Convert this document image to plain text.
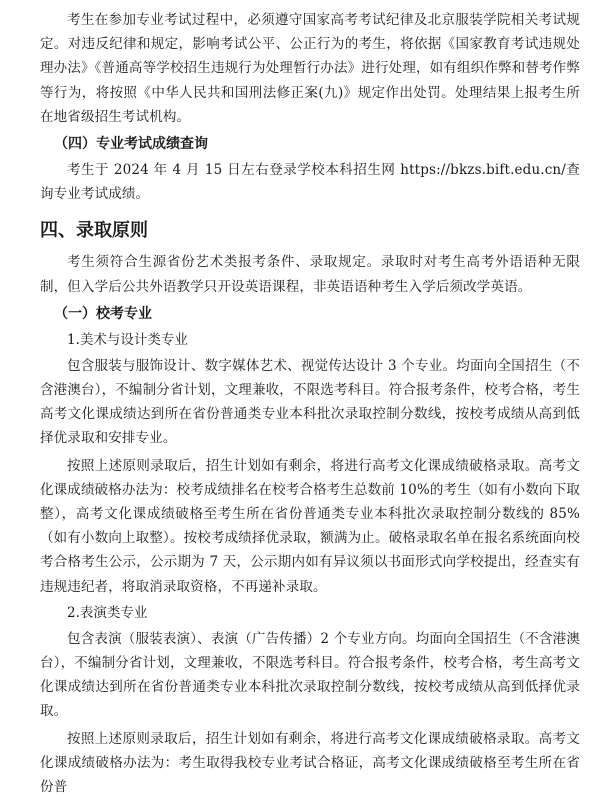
考生在参加专业考试过程中，必须遵守国家高考考试纪律及北京服装学院相关考试规定。对违反纪律和规定，影响考试公平、公正行为的考生，将依据《国家教育考试违规处理办法》《普通高等学校招生违规行为处理暂行办法》进行处理，如有组织作弊和替考作弊等行为，将按照《中华人民共和国刑法修正案(九)》规定作出处罚。处理结果上报考生所在地省级招生考试机构。

（四）专业考试成绩查询

考生于 2024 年 4 月 15 日左右登录学校本科招生网 https://bkzs.bift.edu.cn/查询专业考试成绩。

四、录取原则

考生须符合生源省份艺术类报考条件、录取规定。录取时对考生高考外语语种无限制，但入学后公共外语教学只开设英语课程，非英语语种考生入学后须改学英语。

（一）校考专业
1.美术与设计类专业

包含服装与服饰设计、数字媒体艺术、视觉传达设计 3 个专业。均面向全国招生（不含港澳台），不编制分省计划，文理兼收，不限选考科目。符合报考条件，校考合格，考生高考文化课成绩达到所在省份普通类专业本科批次录取控制分数线，按校考成绩从高到低择优录取和安排专业。

按照上述原则录取后，招生计划如有剩余，将进行高考文化课成绩破格录取。高考文化课成绩破格办法为：校考成绩排名在校考合格考生总数前 10%的考生（如有小数向下取整），高考文化课成绩破格至考生所在省份普通类专业本科批次录取控制分数线的 85%（如有小数向上取整）。按校考成绩择优录取，额满为止。破格录取名单在报名系统面向校考合格考生公示，公示期为 7 天，公示期内如有异议须以书面形式向学校提出，经查实有违规违纪者，将取消录取资格，不再递补录取。

2.表演类专业

包含表演（服装表演）、表演（广告传播）2 个专业方向。均面向全国招生（不含港澳台），不编制分省计划，文理兼收，不限选考科目。符合报考条件，校考合格，考生高考文化课成绩达到所在省份普通类专业本科批次录取控制分数线，按校考成绩从高到低择优录取。

按照上述原则录取后，招生计划如有剩余，将进行高考文化课成绩破格录取。高考文化课成绩破格办法为：考生取得我校专业考试合格证，高考文化课成绩破格至考生所在省份普
